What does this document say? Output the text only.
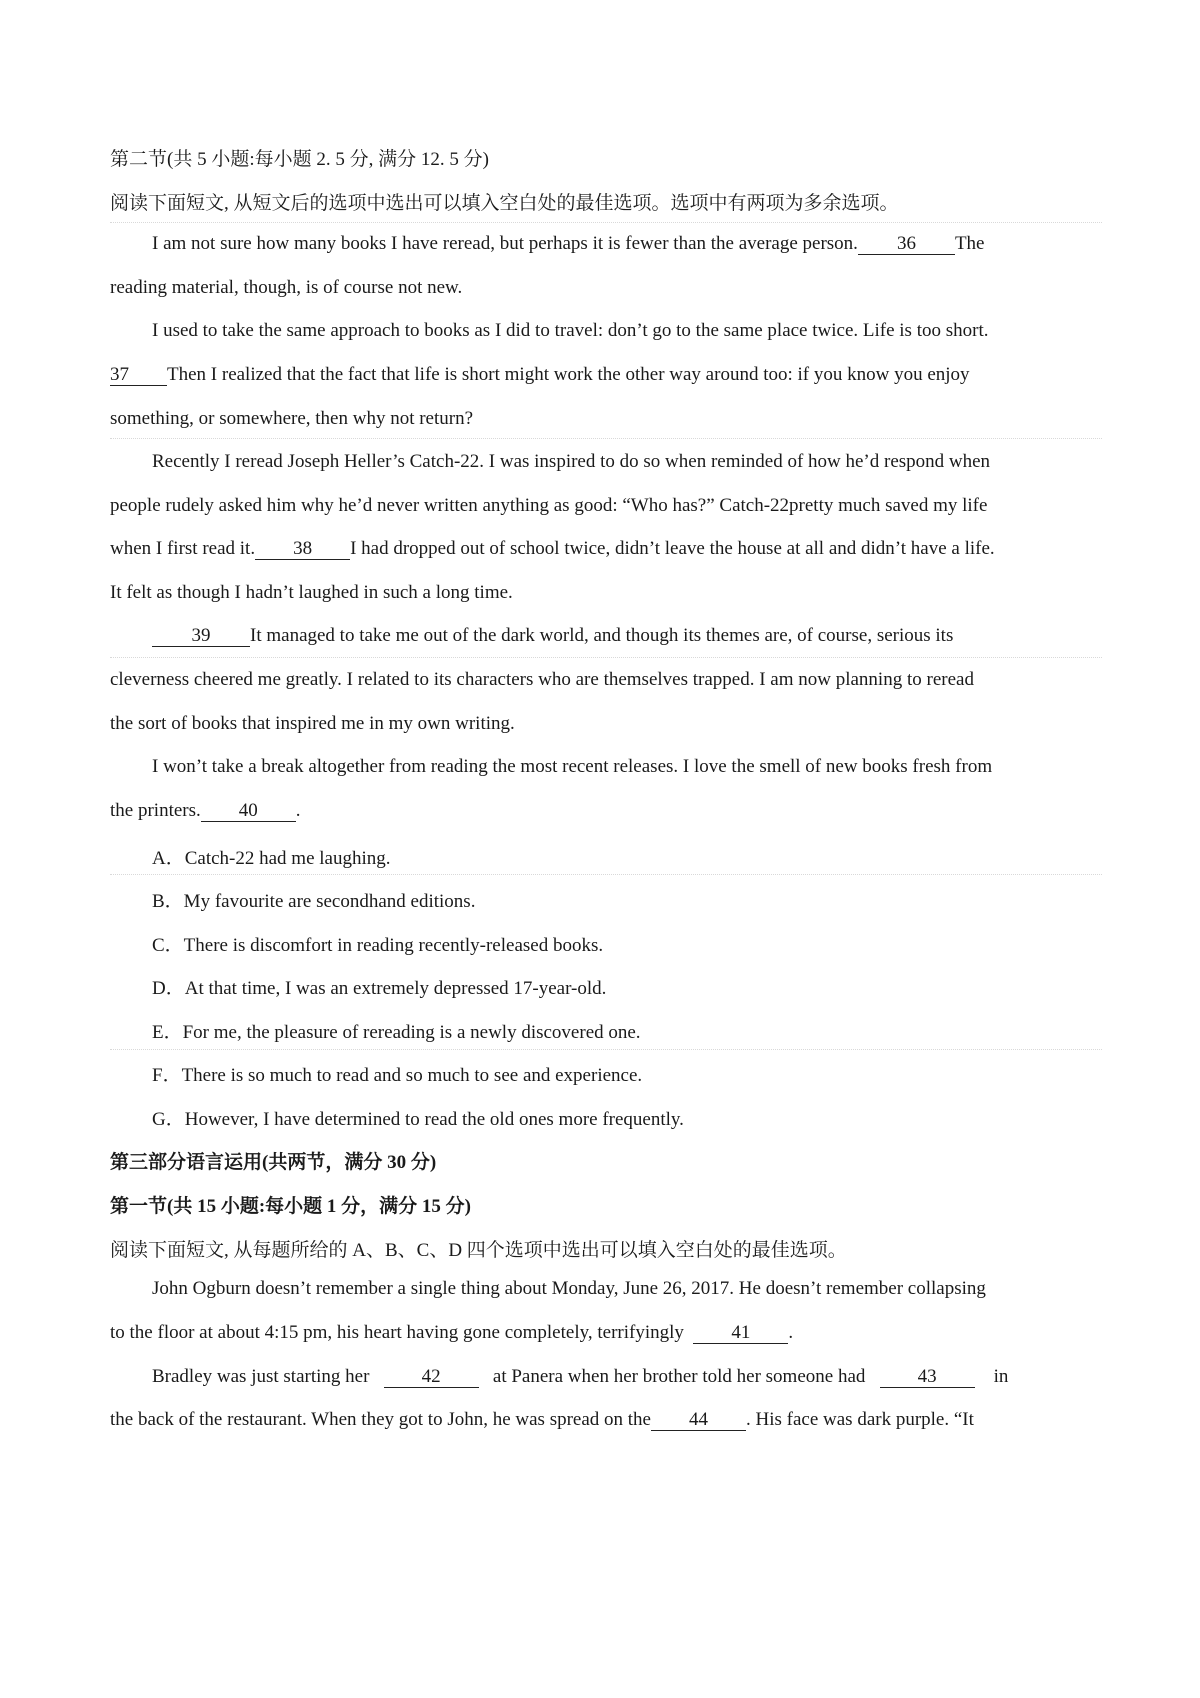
第二节(共 5 小题:每小题 2. 5 分, 满分 12. 5 分)
阅读下面短文, 从短文后的选项中选出可以填入空白处的最佳选项。选项中有两项为多余选项。
I am not sure how many books I have reread, but perhaps it is fewer than the average person. 36 The
reading material, though, is of course not new.
I used to take the same approach to books as I did to travel: don’t go to the same place twice. Life is too short.
37 Then I realized that the fact that life is short might work the other way around too: if you know you enjoy
something, or somewhere, then why not return?
Recently I reread Joseph Heller’s Catch-22. I was inspired to do so when reminded of how he’d respond when
people rudely asked him why he’d never written anything as good: “Who has?” Catch-22pretty much saved my life
when I first read it. 38 I had dropped out of school twice, didn’t leave the house at all and didn’t have a life.
It felt as though I hadn’t laughed in such a long time.
39 It managed to take me out of the dark world, and though its themes are, of course, serious its
cleverness cheered me greatly. I related to its characters who are themselves trapped. I am now planning to reread
the sort of books that inspired me in my own writing.
I won’t take a break altogether from reading the most recent releases. I love the smell of new books fresh from
the printers. 40 .
A．Catch-22 had me laughing.
B．My favourite are secondhand editions.
C．There is discomfort in reading recently-released books.
D．At that time, I was an extremely depressed 17-year-old.
E．For me, the pleasure of rereading is a newly discovered one.
F．There is so much to read and so much to see and experience.
G．However, I have determined to read the old ones more frequently.
第三部分语言运用(共两节，满分 30 分)
第一节(共 15 小题:每小题 1 分，满分 15 分)
阅读下面短文, 从每题所给的 A、B、C、D 四个选项中选出可以填入空白处的最佳选项。
John Ogburn doesn’t remember a single thing about Monday, June 26, 2017. He doesn’t remember collapsing
to the floor at about 4:15 pm, his heart having gone completely, terrifyingly	41 .
Bradley was just starting her	42	at Panera when her brother told her someone had	43	in
the back of the restaurant. When they got to John, he was spread on the 44 . His face was dark purple. “It
